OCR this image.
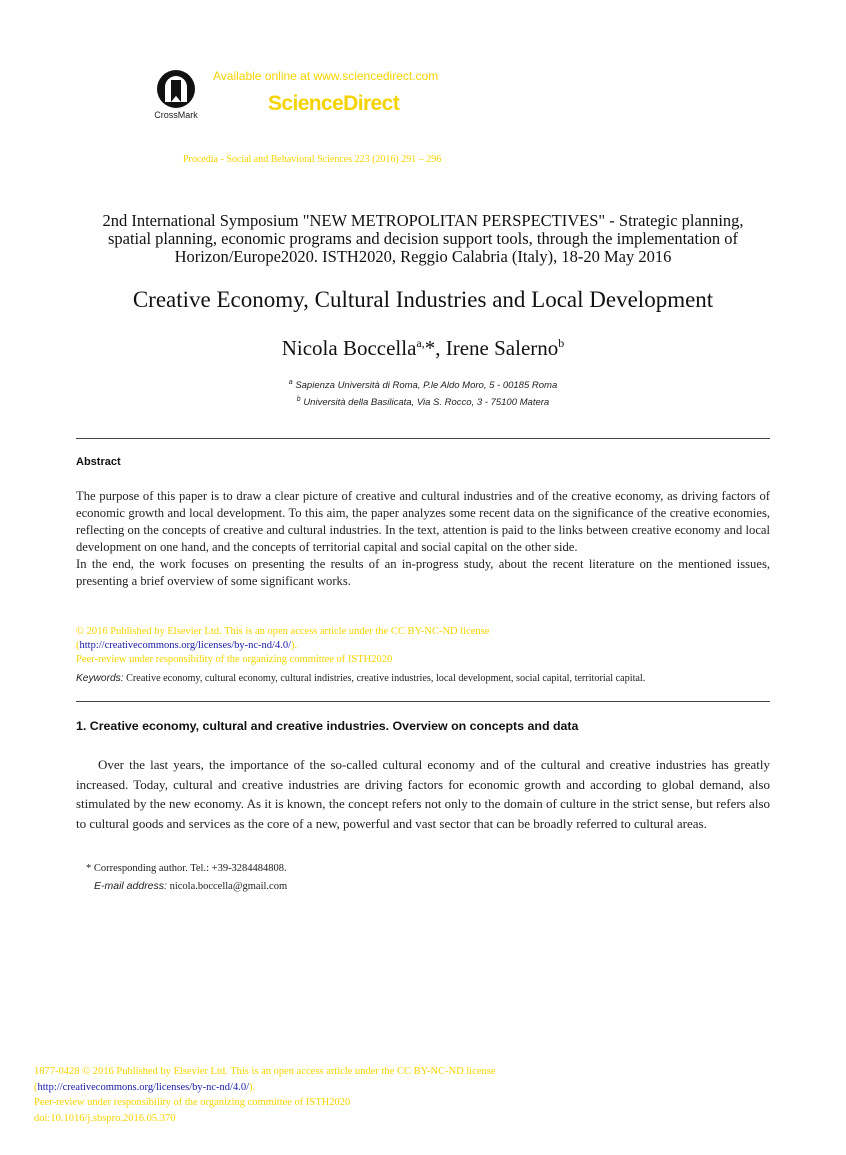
CrossMark
Available online at www.sciencedirect.com
ScienceDirect
Procedia - Social and Behavioral Sciences 223 (2016) 291 – 296
2nd International Symposium "NEW METROPOLITAN PERSPECTIVES" - Strategic planning,
spatial planning, economic programs and decision support tools, through the implementation of
Horizon/Europe2020. ISTH2020, Reggio Calabria (Italy), 18-20 May 2016
Creative Economy, Cultural Industries and Local Development
Nicola Boccella$^{a,}$*, Irene Salerno$^b$
$^a$ Sapienza Università di Roma, P.le Aldo Moro, 5 - 00185 Roma
$^b$ Università della Basilicata, Via S. Rocco, 3 - 75100 Matera
Abstract

The purpose of this paper is to draw a clear picture of creative and cultural industries and of the creative economy, as driving factors of economic growth and local development. To this aim, the paper analyzes some recent data on the significance of the creative economies, reflecting on the concepts of creative and cultural industries. In the text, attention is paid to the links between creative economy and local development on one hand, and the concepts of territorial capital and social capital on the other side.

In the end, the work focuses on presenting the results of an in-progress study, about the recent literature on the mentioned issues, presenting a brief overview of some significant works.

© 2016 Published by Elsevier Ltd. This is an open access article under the CC BY-NC-ND license
(http://creativecommons.org/licenses/by-nc-nd/4.0/).
Peer-review under responsibility of the organizing committee of ISTH2020
Keywords: Creative economy, cultural economy, cultural indistries, creative industries, local development, social capital, territorial capital.
1. Creative economy, cultural and creative industries. Overview on concepts and data

Over the last years, the importance of the so-called cultural economy and of the cultural and creative industries has greatly increased. Today, cultural and creative industries are driving factors for economic growth and according to global demand, also stimulated by the new economy. As it is known, the concept refers not only to the domain of culture in the strict sense, but refers also to cultural goods and services as the core of a new, powerful and vast sector that can be broadly referred to cultural areas.

* Corresponding author. Tel.: +39-3284484808.
E-mail address: nicola.boccella@gmail.com
1877-0428 © 2016 Published by Elsevier Ltd. This is an open access article under the CC BY-NC-ND license
(http://creativecommons.org/licenses/by-nc-nd/4.0/).
Peer-review under responsibility of the organizing committee of ISTH2020
doi:10.1016/j.sbspro.2016.05.370
